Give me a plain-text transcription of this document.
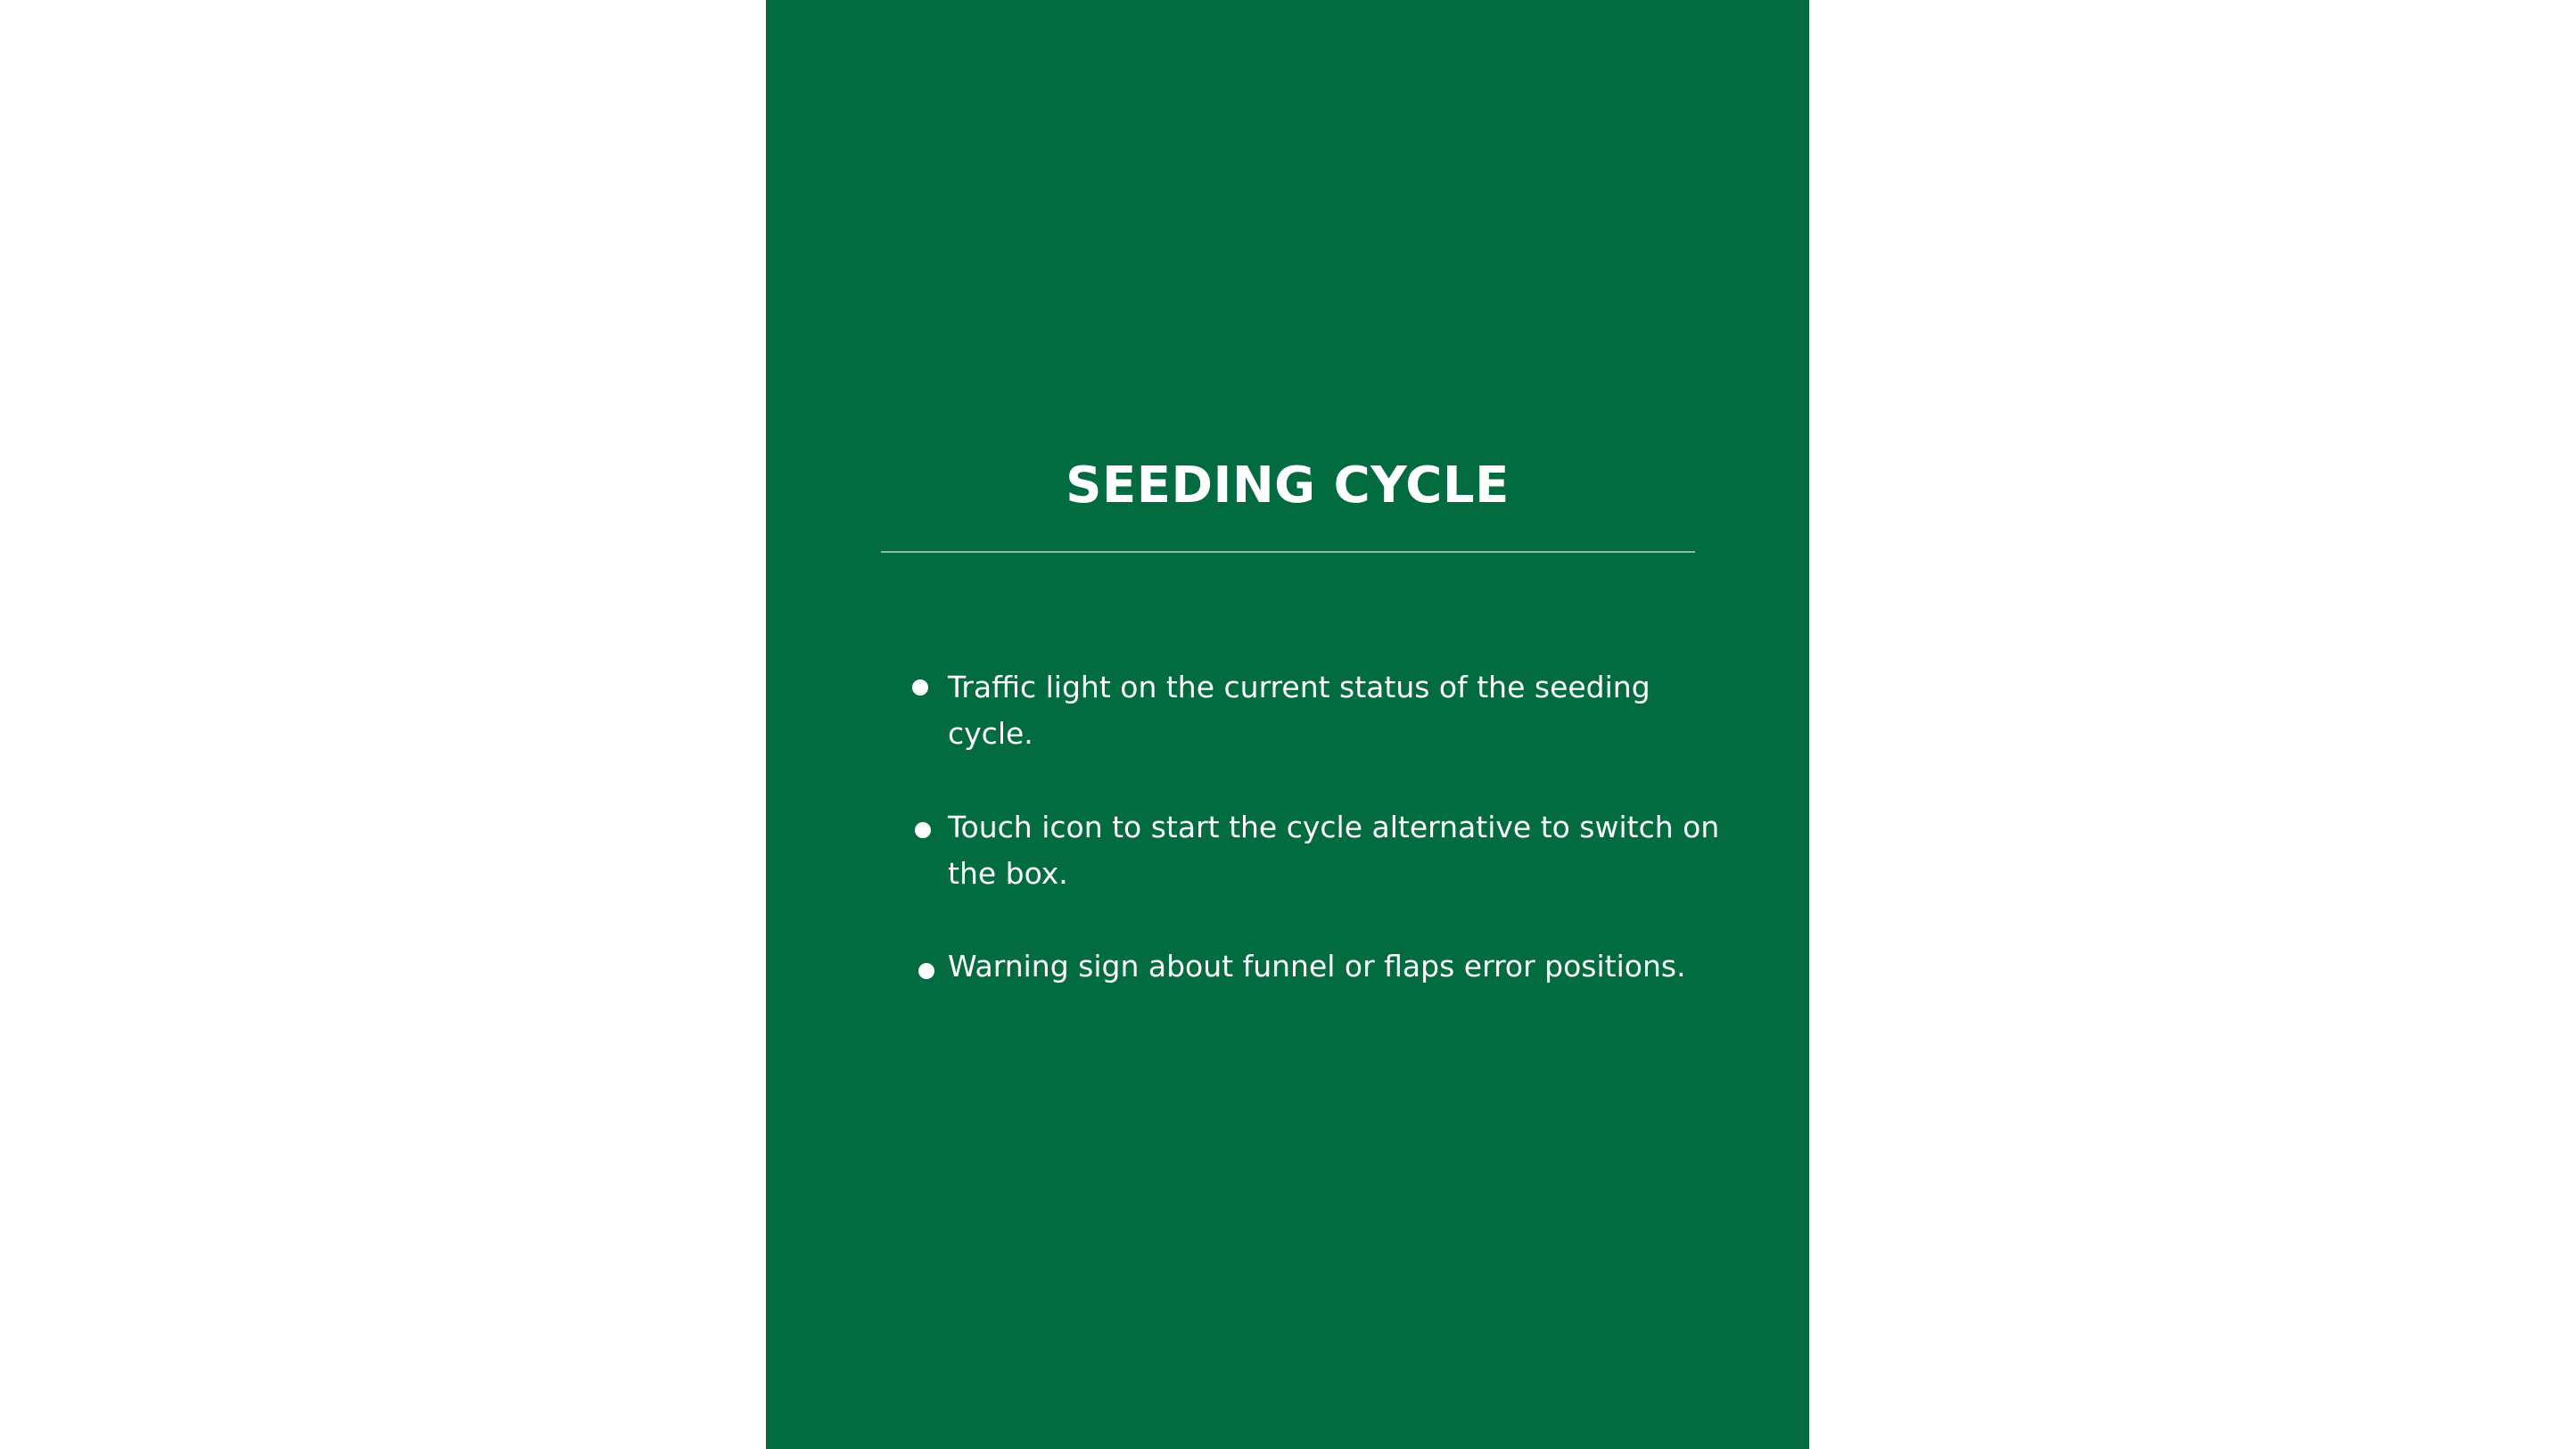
SEEDING CYCLE
Traffic light on the current status of the seeding cycle.
Touch icon to start the cycle alternative to switch on the box.
Warning sign about funnel or flaps error positions.
